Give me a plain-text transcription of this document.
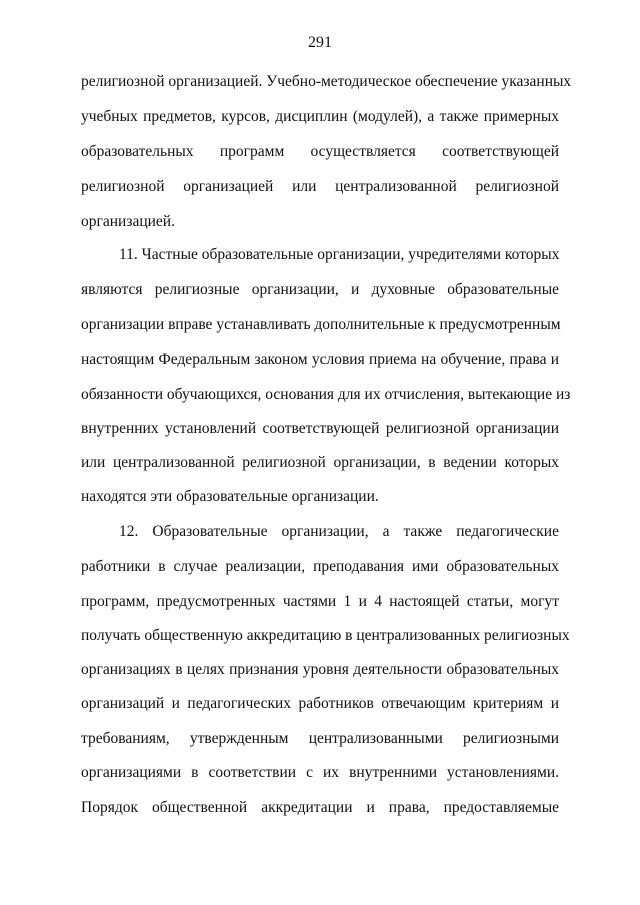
291
религиозной организацией. Учебно-методическое обеспечение указанных
учебных предметов, курсов, дисциплин (модулей), а также примерных
образовательных программ осуществляется соответствующей
религиозной организацией или централизованной религиозной
организацией.
11. Частные образовательные организации, учредителями которых
являются религиозные организации, и духовные образовательные
организации вправе устанавливать дополнительные к предусмотренным
настоящим Федеральным законом условия приема на обучение, права и
обязанности обучающихся, основания для их отчисления, вытекающие из
внутренних установлений соответствующей религиозной организации
или централизованной религиозной организации, в ведении которых
находятся эти образовательные организации.
12. Образовательные организации, а также педагогические
работники в случае реализации, преподавания ими образовательных
программ, предусмотренных частями 1 и 4 настоящей статьи, могут
получать общественную аккредитацию в централизованных религиозных
организациях в целях признания уровня деятельности образовательных
организаций и педагогических работников отвечающим критериям и
требованиям, утвержденным централизованными религиозными
организациями в соответствии с их внутренними установлениями.
Порядок общественной аккредитации и права, предоставляемые
